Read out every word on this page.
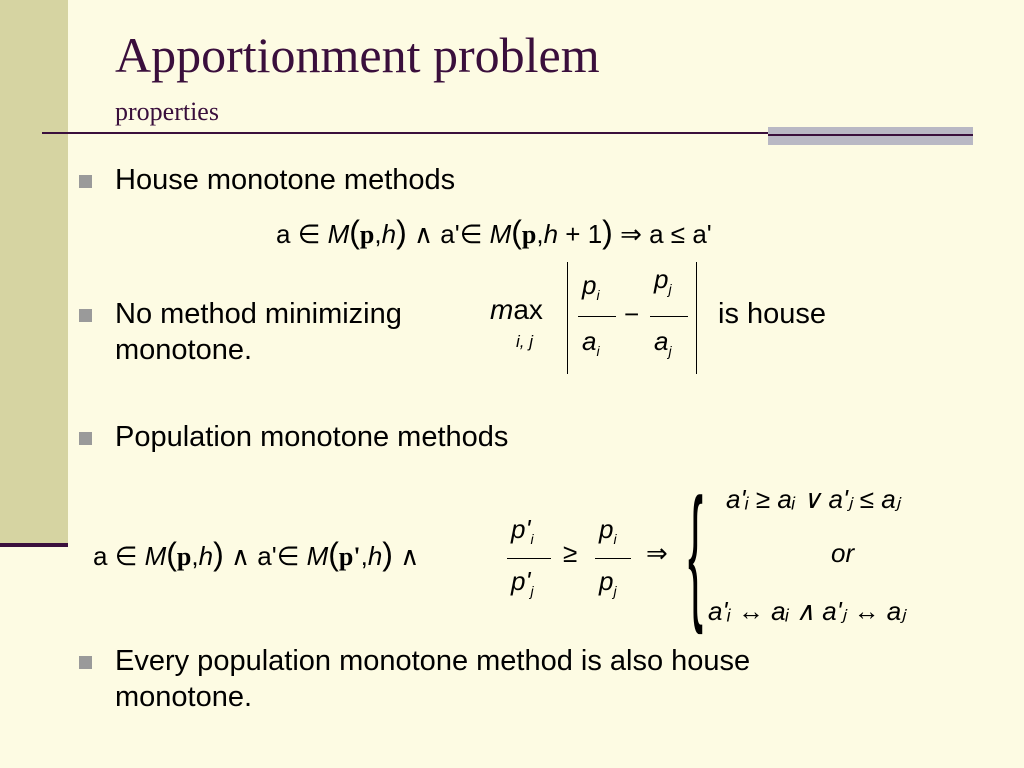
Apportionment problem
properties
House monotone methods
a ∈ M(p,h) ∧ a'∈ M(p,h + 1) ⇒ a ≤ a'
No method minimizing	max
i, j
$p_i$
$a_i$
−
$p_j$
$a_j$
is house
monotone.
Population monotone methods
a ∈ M(p,h) ∧ a'∈ M(p',h) ∧
$p'_i$
$p'_j$
≥
$p_i$
$p_j$
⇒ { a'ᵢ ≥ aᵢ ∨ a'ⱼ ≤ aⱼ
or
a'ᵢ ↔ aᵢ ∧ a'ⱼ ↔ aⱼ
Every population monotone method is also house
monotone.
